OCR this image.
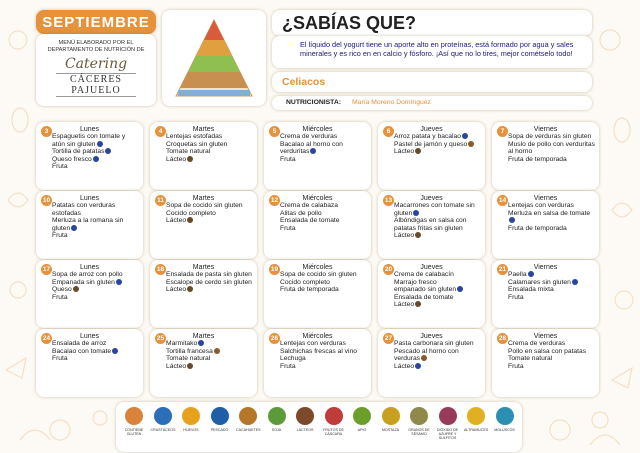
SEPTIEMBRE
MENÚ ELABORADO POR EL DEPARTAMENTO DE NUTRICIÓN DE
Catering
CÁCERES PAJUELO
¿SABÍAS QUE?
El líquido del yogurt tiene un aporte alto en proteínas, está formado por agua y sales minerales y es rico en en calcio y fósforo. ¡Así que no lo tires, mejor cométselo todo!
Celiacos
NUTRICIONISTA: María Moreno Domínguez
3	Lunes
Espaguetis con tomate y atún sin gluten
Tortilla de patatas
Queso fresco
Fruta
4	Martes
Lentejas estofadas
Croquetas sin gluten
Tomate natural
Lácteo
5	Miércoles
Crema de verduras
Bacalao al horno con verduritas
Fruta
6	Jueves
Arroz patata y bacalao
Pastel de jamón y queso
Lácteo
7	Viernes
Sopa de verduras sin gluten
Muslo de pollo con verduritas al horno
Fruta de temporada
10	Lunes
Patatas con verduras estofadas
Merluza a la romana sin gluten
Fruta
11	Martes
Sopa de cocido sin gluten
Cocido completo
Lácteo
12	Miércoles
Crema de calabaza
Alitas de pollo
Ensalada de tomate
Fruta
13	Jueves
Macarrones con tomate sin gluten
Albóndigas en salsa con patatas fritas sin gluten
Lácteo
14	Viernes
Lentejas con verduras
Merluza en salsa de tomate
Fruta de temporada
17	Lunes
Sopa de arroz con pollo
Empanada sin gluten
Queso
Fruta
18	Martes
Ensalada de pasta sin gluten
Escalope de cerdo sin gluten
Lácteo
19	Miércoles
Sopa de cocido sin gluten
Cocido completo
Fruta de temporada
20	Jueves
Crema de calabacín
Marrajo fresco
empanado sin gluten
Ensalada de tomate
Lácteo
21	Viernes
Paella
Calamares sin gluten
Ensalada mixta
Fruta
24	Lunes
Ensalada de arroz
Bacalao con tomate
Fruta
25	Martes
Marmitako
Tortilla francesa
Tomate natural
Lácteo
26	Miércoles
Lentejas con verduras
Salchichas frescas al vino
Lechuga
Fruta
27	Jueves
Pasta carbonara sin gluten
Pescado al horno con verduras
Lácteo
28	Viernes
Crema de verduras
Pollo en salsa con patatas
Tomate natural
Fruta
CONTIENE GLUTEN
CRUSTÁCEOS	HUEVOS	PESCADO	CACAHUETES	SOJA	LÁCTEOS	FRUTOS DE CÁSCARA
APIO	MOSTAZA	GRANOS DE SÉSAMO
DIÓXIDO DE AZUFRE Y SULFITOS
ALTRAMUCES	MOLUSCOS
